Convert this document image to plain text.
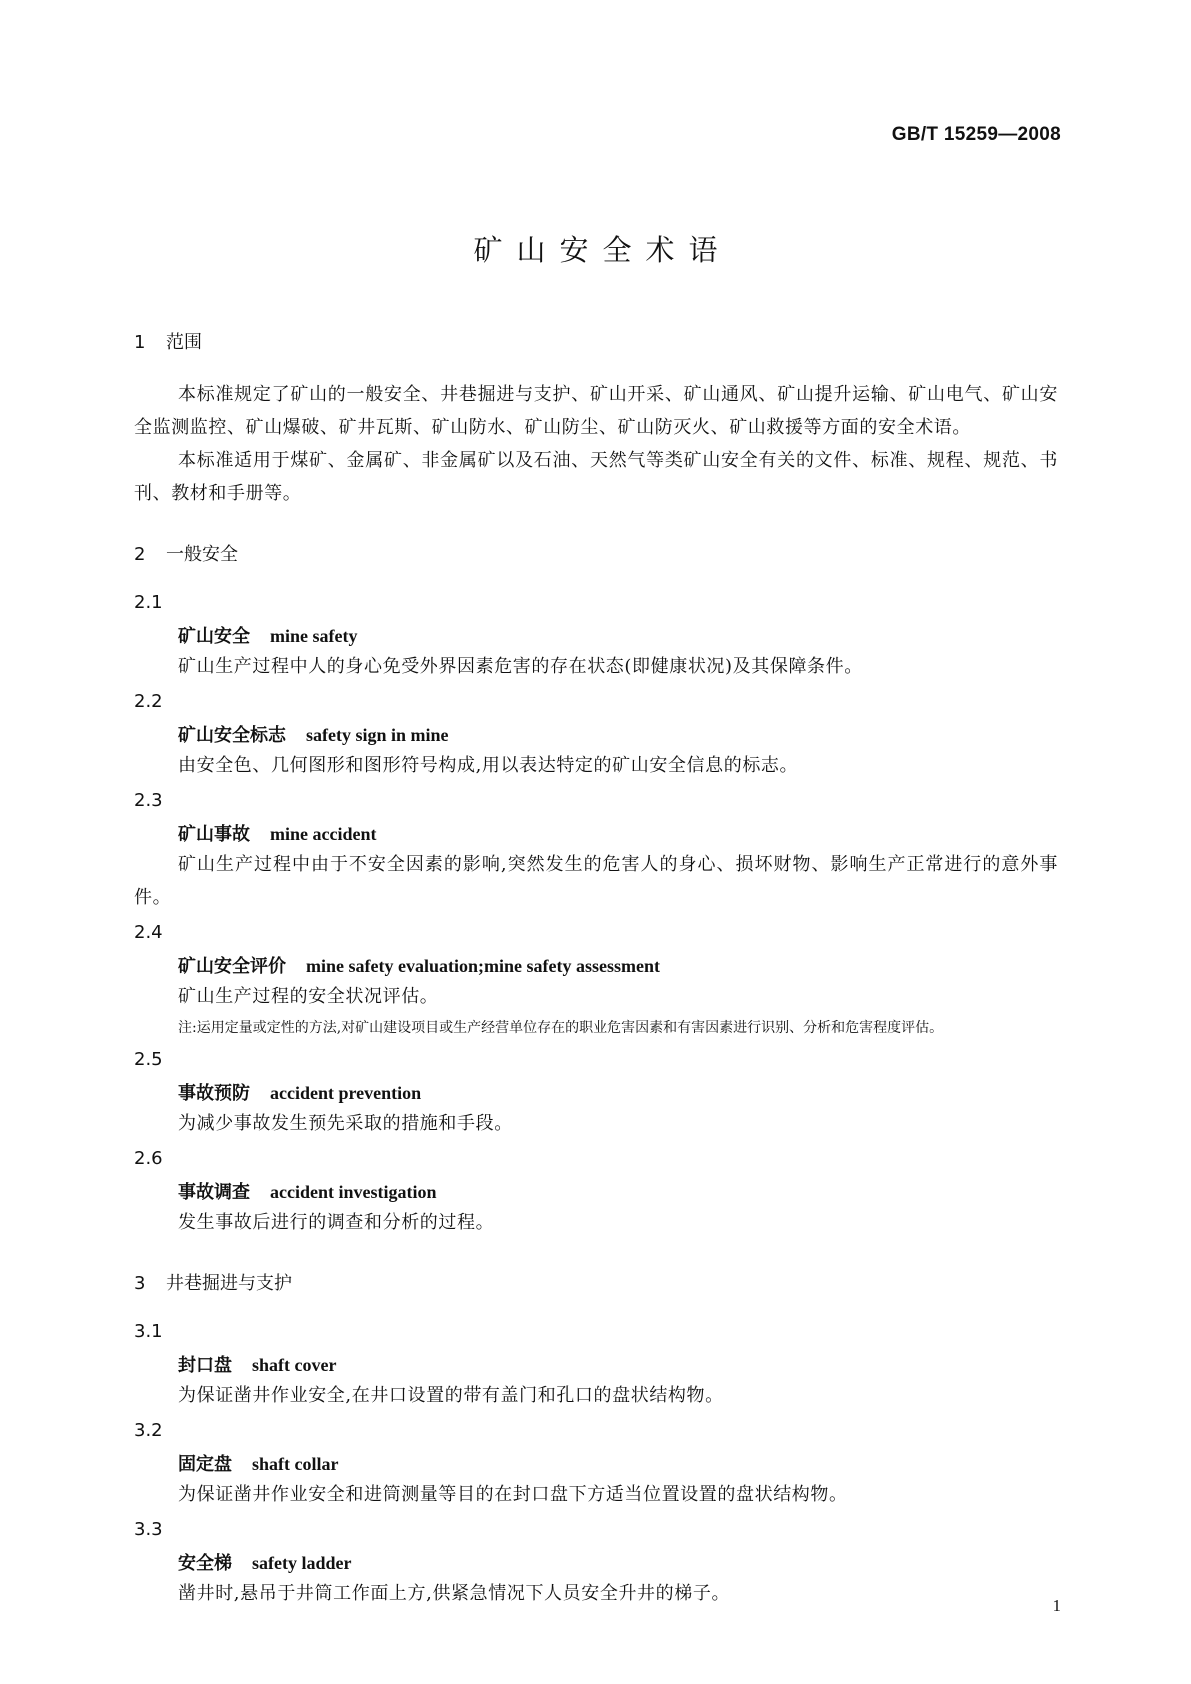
GB/T 15259—2008
矿山安全术语
1 范围
本标准规定了矿山的一般安全、井巷掘进与支护、矿山开采、矿山通风、矿山提升运输、矿山电气、矿山安全监测监控、矿山爆破、矿井瓦斯、矿山防水、矿山防尘、矿山防灭火、矿山救援等方面的安全术语。
本标准适用于煤矿、金属矿、非金属矿以及石油、天然气等类矿山安全有关的文件、标准、规程、规范、书刊、教材和手册等。
2 一般安全
2.1
矿山安全 mine safety
矿山生产过程中人的身心免受外界因素危害的存在状态(即健康状况)及其保障条件。
2.2
矿山安全标志 safety sign in mine
由安全色、几何图形和图形符号构成,用以表达特定的矿山安全信息的标志。
2.3
矿山事故 mine accident
矿山生产过程中由于不安全因素的影响,突然发生的危害人的身心、损坏财物、影响生产正常进行的意外事件。
2.4
矿山安全评价 mine safety evaluation;mine safety assessment
矿山生产过程的安全状况评估。
注:运用定量或定性的方法,对矿山建设项目或生产经营单位存在的职业危害因素和有害因素进行识别、分析和危害程度评估。
2.5
事故预防 accident prevention
为减少事故发生预先采取的措施和手段。
2.6
事故调查 accident investigation
发生事故后进行的调查和分析的过程。
3 井巷掘进与支护
3.1
封口盘 shaft cover
为保证凿井作业安全,在井口设置的带有盖门和孔口的盘状结构物。
3.2
固定盘 shaft collar
为保证凿井作业安全和进筒测量等目的在封口盘下方适当位置设置的盘状结构物。
3.3
安全梯 safety ladder
凿井时,悬吊于井筒工作面上方,供紧急情况下人员安全升井的梯子。
1
